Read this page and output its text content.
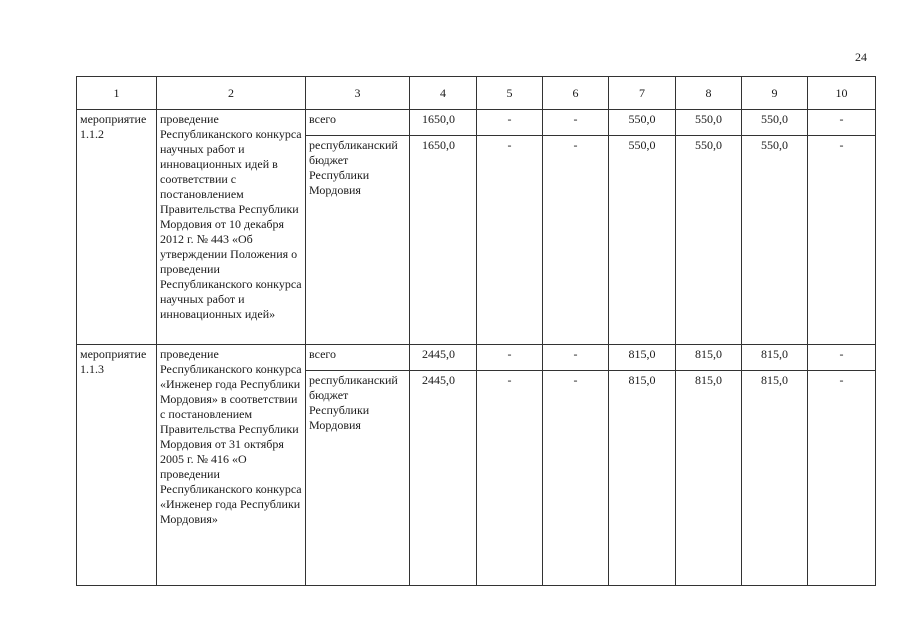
24
1	2	3	4	5	6	7	8	9	10
мероприятие 1.1.2	проведение Республиканского конкурса научных работ и инновационных идей в соответствии с постановлением Правительства Республики Мордовия от 10 декабря 2012 г. № 443 «Об утверждении Положения о проведении Республиканского конкурса научных работ и инновационных идей»	всего	1650,0	-	-	550,0	550,0	550,0	-
		республиканский бюджет Республики Мордовия	1650,0	-	-	550,0	550,0	550,0	-
мероприятие 1.1.3	проведение Республиканского конкурса «Инженер года Республики Мордовия» в соответствии с постановлением Правительства Республики Мордовия от 31 октября 2005 г. № 416 «О проведении Республиканского конкурса «Инженер года Республики Мордовия»	всего	2445,0	-	-	815,0	815,0	815,0	-
		республиканский бюджет Республики Мордовия	2445,0	-	-	815,0	815,0	815,0	-
